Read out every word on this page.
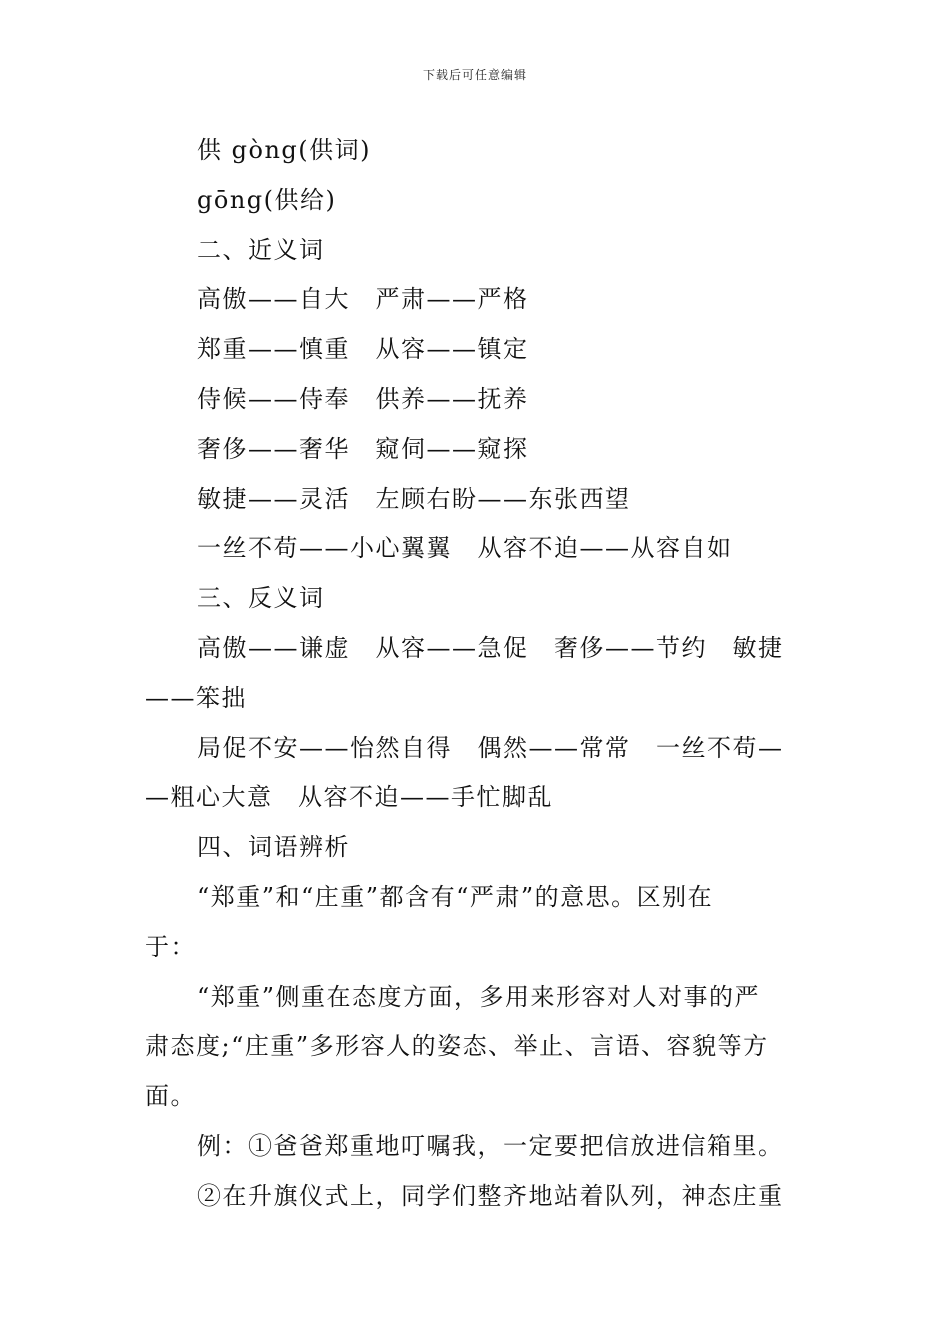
下载后可任意编辑
供 gòng(供词)
gōng(供给)
二、近义词
高傲——自大　严肃——严格
郑重——慎重　从容——镇定
侍候——侍奉　供养——抚养
奢侈——奢华　窥伺——窥探
敏捷——灵活　左顾右盼——东张西望
一丝不苟——小心翼翼　从容不迫——从容自如
三、反义词
高傲——谦虚　从容——急促　奢侈——节约　敏捷
——笨拙
局促不安——怡然自得　偶然——常常　一丝不苟—
—粗心大意　从容不迫——手忙脚乱
四、词语辨析
“郑重”和“庄重”都含有“严肃”的意思。区别在
于：
“郑重”侧重在态度方面，多用来形容对人对事的严
肃态度;“庄重”多形容人的姿态、举止、言语、容貌等方
面。
例：①爸爸郑重地叮嘱我，一定要把信放进信箱里。
②在升旗仪式上，同学们整齐地站着队列，神态庄重
